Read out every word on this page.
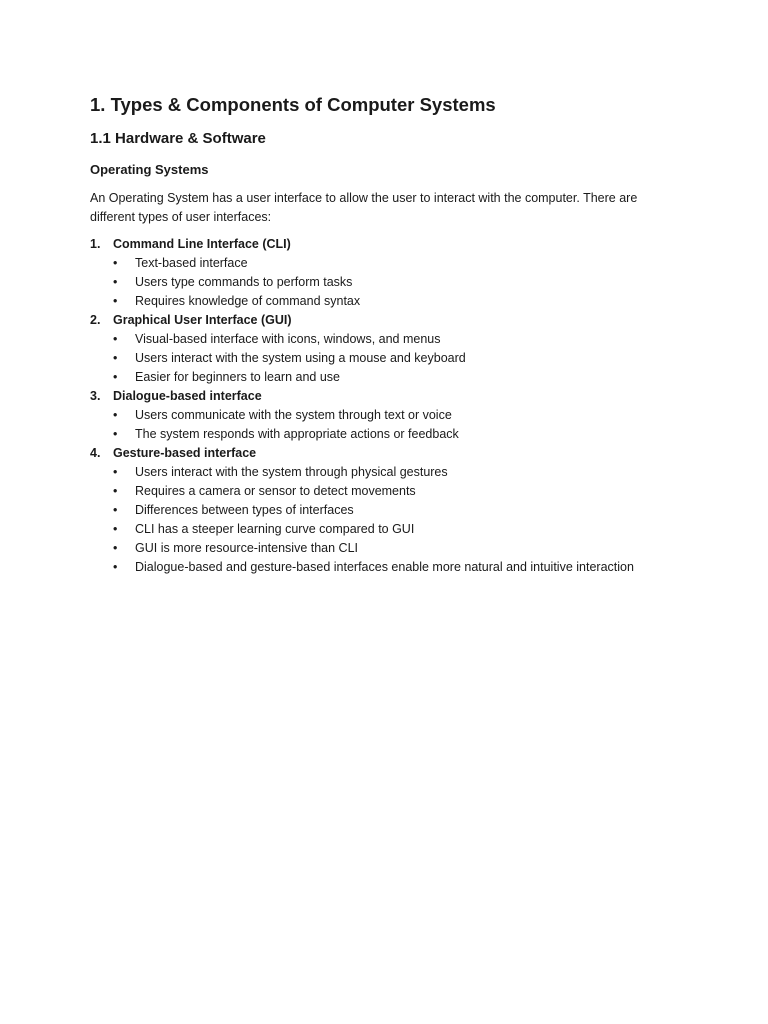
1. Types & Components of Computer Systems
1.1 Hardware & Software
Operating Systems

An Operating System has a user interface to allow the user to interact with the computer. There are different types of user interfaces:

1.	Command Line Interface (CLI)
•	Text-based interface
•	Users type commands to perform tasks
•	Requires knowledge of command syntax
2.	Graphical User Interface (GUI)
•	Visual-based interface with icons, windows, and menus
•	Users interact with the system using a mouse and keyboard
•	Easier for beginners to learn and use
3.	Dialogue-based interface
•	Users communicate with the system through text or voice
•	The system responds with appropriate actions or feedback
4.	Gesture-based interface
•	Users interact with the system through physical gestures
•	Requires a camera or sensor to detect movements
•	Differences between types of interfaces
•	CLI has a steeper learning curve compared to GUI
•	GUI is more resource-intensive than CLI
•	Dialogue-based and gesture-based interfaces enable more natural and intuitive interaction
